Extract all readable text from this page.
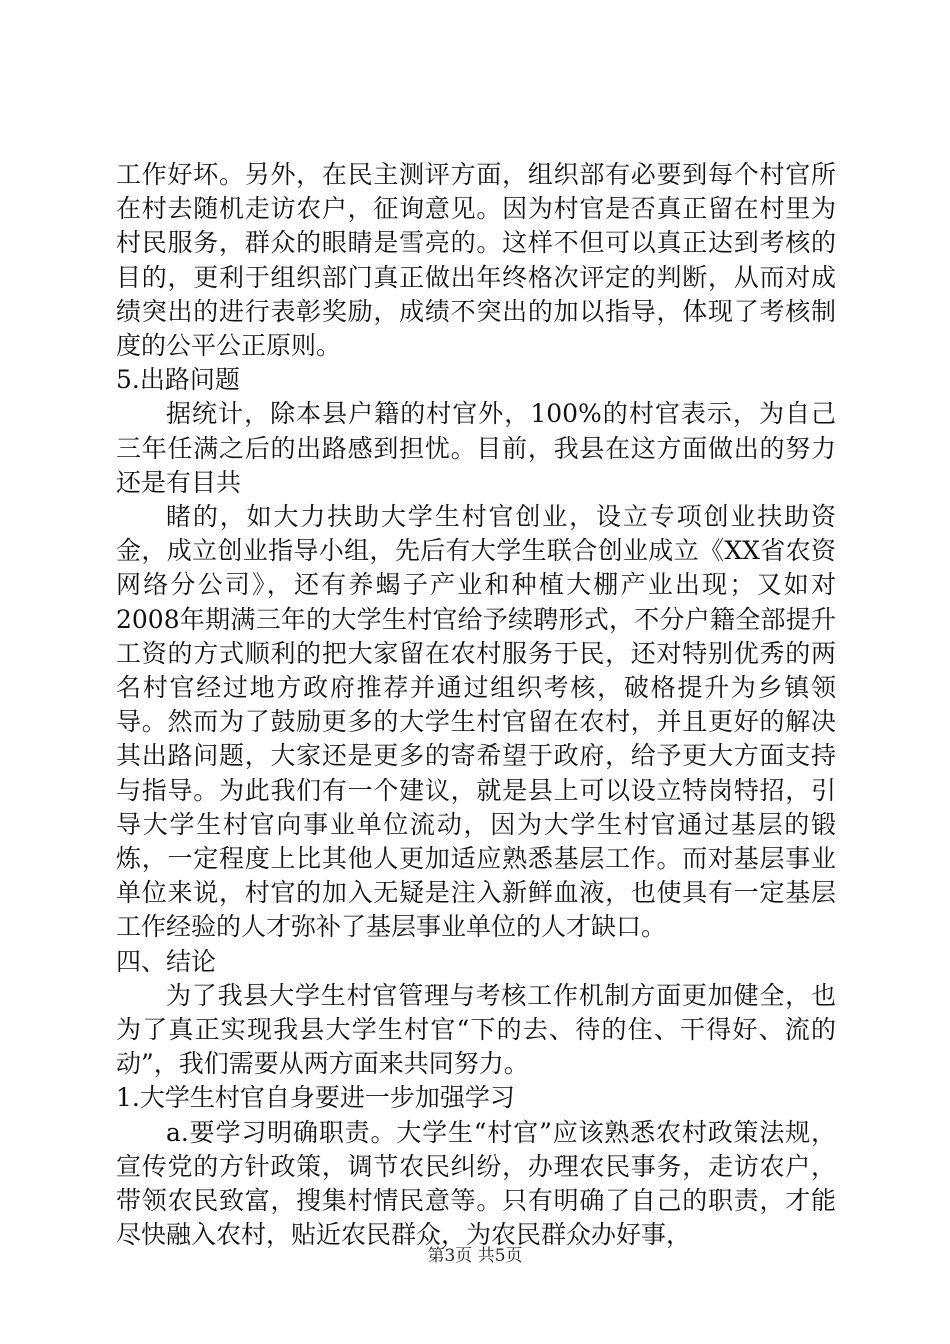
工作好坏。另外，在民主测评方面，组织部有必要到每个村官所在村去随机走访农户，征询意见。因为村官是否真正留在村里为村民服务，群众的眼睛是雪亮的。这样不但可以真正达到考核的目的，更利于组织部门真正做出年终格次评定的判断，从而对成绩突出的进行表彰奖励，成绩不突出的加以指导，体现了考核制度的公平公正原则。

5.出路问题

据统计，除本县户籍的村官外，100%的村官表示，为自己三年任满之后的出路感到担忧。目前，我县在这方面做出的努力还是有目共

睹的，如大力扶助大学生村官创业，设立专项创业扶助资金，成立创业指导小组，先后有大学生联合创业成立《XX省农资网络分公司》，还有养蝎子产业和种植大棚产业出现；又如对2008年期满三年的大学生村官给予续聘形式，不分户籍全部提升工资的方式顺利的把大家留在农村服务于民，还对特别优秀的两名村官经过地方政府推荐并通过组织考核，破格提升为乡镇领导。然而为了鼓励更多的大学生村官留在农村，并且更好的解决其出路问题，大家还是更多的寄希望于政府，给予更大方面支持与指导。为此我们有一个建议，就是县上可以设立特岗特招，引导大学生村官向事业单位流动，因为大学生村官通过基层的锻炼，一定程度上比其他人更加适应熟悉基层工作。而对基层事业单位来说，村官的加入无疑是注入新鲜血液，也使具有一定基层工作经验的人才弥补了基层事业单位的人才缺口。

四、结论

为了我县大学生村官管理与考核工作机制方面更加健全，也为了真正实现我县大学生村官“下的去、待的住、干得好、流的动”，我们需要从两方面来共同努力。

1.大学生村官自身要进一步加强学习

a.要学习明确职责。大学生“村官”应该熟悉农村政策法规，宣传党的方针政策，调节农民纠纷，办理农民事务，走访农户，带领农民致富，搜集村情民意等。只有明确了自己的职责，才能尽快融入农村，贴近农民群众，为农民群众办好事，

第3页 共5页
